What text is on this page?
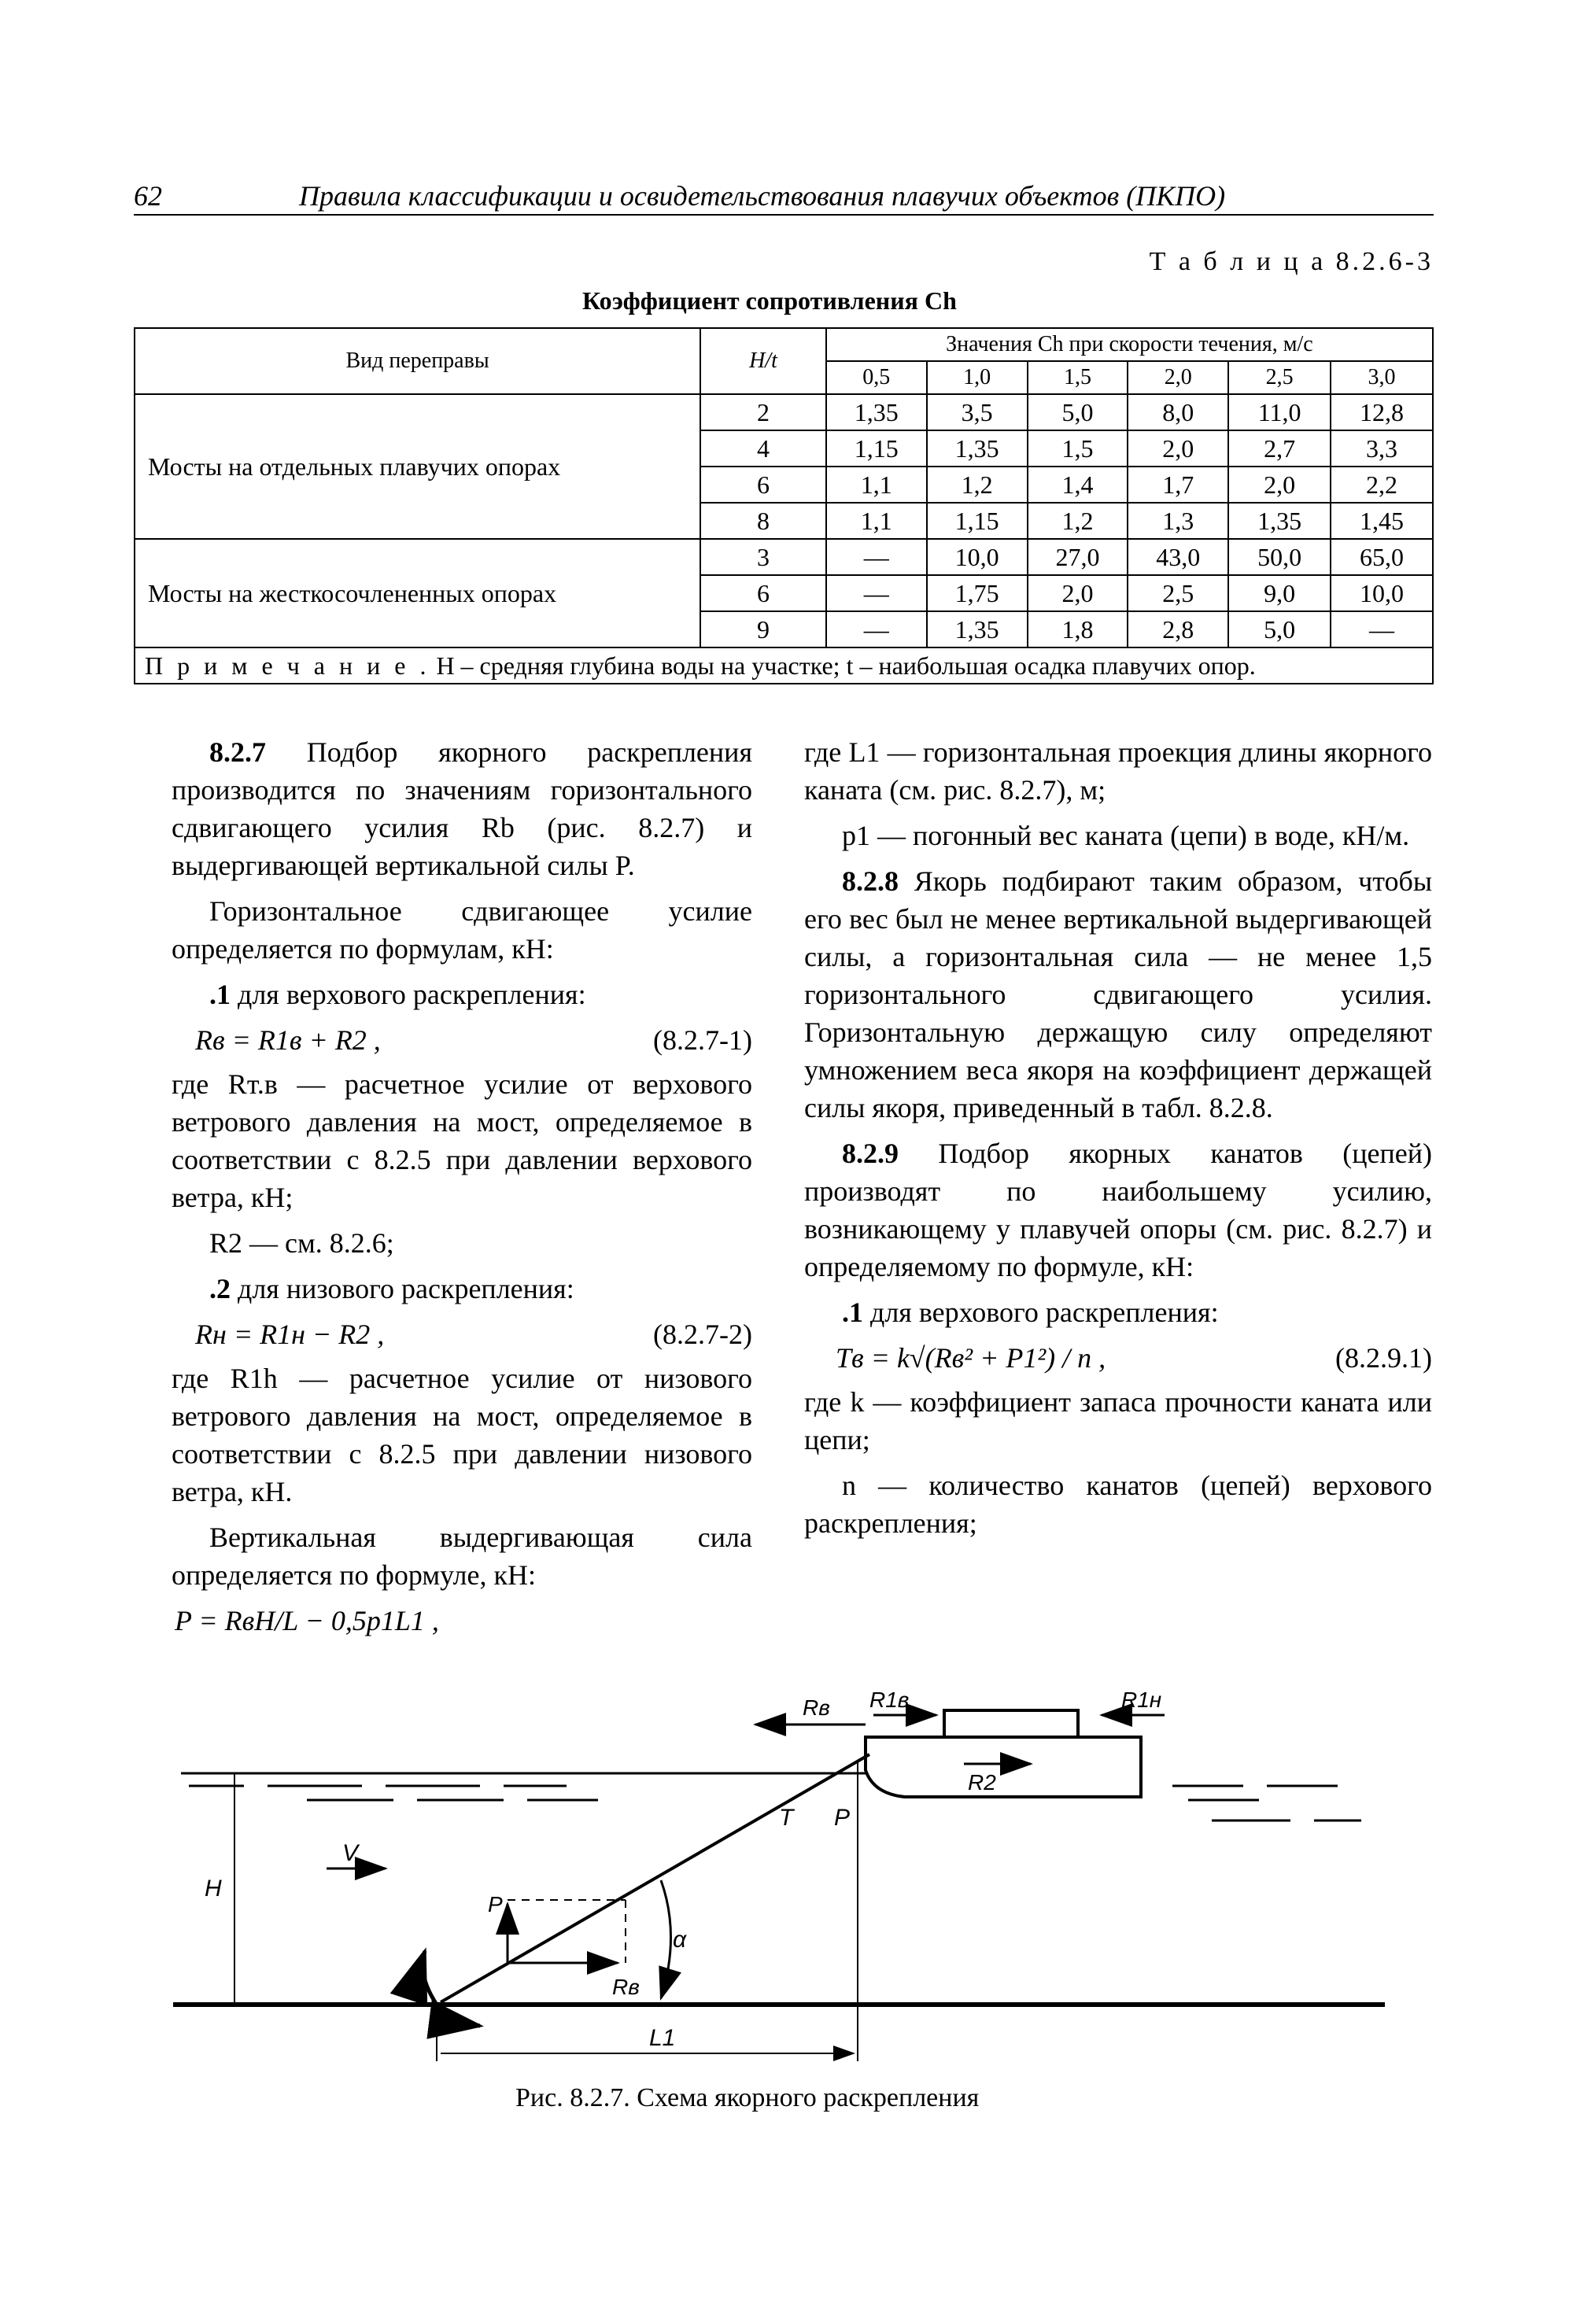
62	Правила классификации и освидетельствования плавучих объектов (ПКПО)
Т а б л и ц а 8.2.6-3
Коэффициент сопротивления Ch
Вид переправы	H/t	Значения Ch при скорости течения, м/с					
		0,5	1,0	1,5	2,0	2,5	3,0
Мосты на отдельных плавучих опорах	2	1,35	3,5	5,0	8,0	11,0	12,8
	4	1,15	1,35	1,5	2,0	2,7	3,3
	6	1,1	1,2	1,4	1,7	2,0	2,2
	8	1,1	1,15	1,2	1,3	1,35	1,45
Мосты на жесткосочлененных опорах	3	—	10,0	27,0	43,0	50,0	65,0
	6	—	1,75	2,0	2,5	9,0	10,0
	9	—	1,35	1,8	2,8	5,0	—
П р и м е ч а н и е . H – средняя глубина воды на участке; t – наибольшая осадка плавучих опор.							

8.2.7 Подбор якорного раскрепления производится по значениям горизонтального сдвигающего усилия Rb (рис. 8.2.7) и выдергивающей вертикальной силы P.

Горизонтальное сдвигающее усилие определяется по формулам, кН:

.1 для верхового раскрепления:

Rв = R1в + R2 ,	(8.2.7-1)

где Rт.в — расчетное усилие от верхового ветрового давления на мост, определяемое в соответствии с 8.2.5 при давлении верхового ветра, кН;

R2 — см. 8.2.6;

.2 для низового раскрепления:

Rн = R1н − R2 ,	(8.2.7-2)

где R1h — расчетное усилие от низового ветрового давления на мост, определяемое в соответствии с 8.2.5 при давлении низового ветра, кН.

Вертикальная выдергивающая сила определяется по формуле, кН:

P = RвH/L − 0,5p1L1 ,

где L1 — горизонтальная проекция длины якорного каната (см. рис. 8.2.7), м;

p1 — погонный вес каната (цепи) в воде, кН/м.

8.2.8 Якорь подбирают таким образом, чтобы его вес был не менее вертикальной выдергивающей силы, а горизонтальная сила — не менее 1,5 горизонтального сдвигающего усилия. Горизонтальную держащую силу определяют умножением веса якоря на коэффициент держащей силы якоря, приведенный в табл. 8.2.8.

8.2.9 Подбор якорных канатов (цепей) производят по наибольшему усилию, возникающему у плавучей опоры (см. рис. 8.2.7) и определяемому по формуле, кН:

.1 для верхового раскрепления:

Tв = k√(Rв² + P1²) / n ,	(8.2.9.1)

где k — коэффициент запаса прочности каната или цепи;

n — количество канатов (цепей) верхового раскрепления;

H
V
T P
Rв R1в	R1н
R2
P
Rв
α
L1
Рис. 8.2.7. Схема якорного раскрепления
